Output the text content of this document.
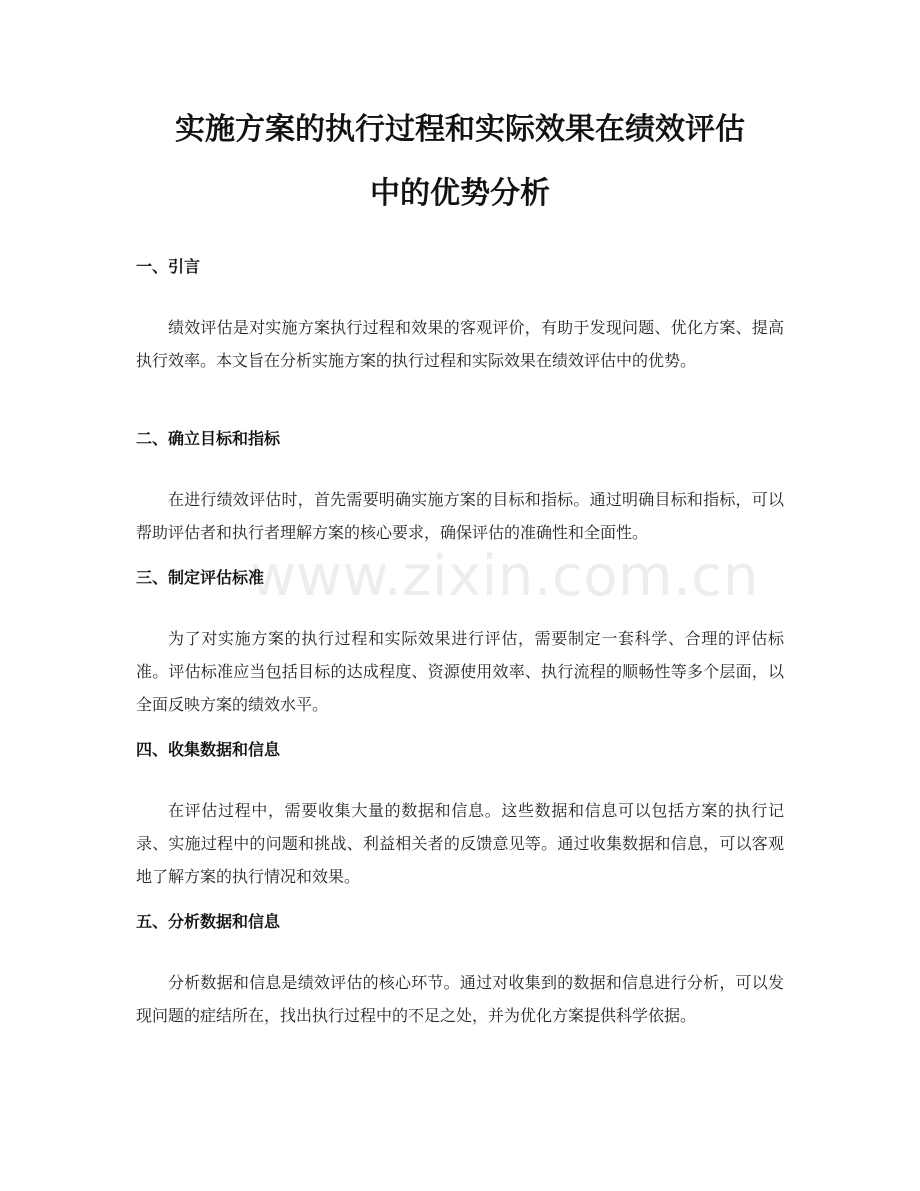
实施方案的执行过程和实际效果在绩效评估
中的优势分析
www.zixin.com.cn
一、引言

绩效评估是对实施方案执行过程和效果的客观评价，有助于发现问题、优化方案、提高执行效率。本文旨在分析实施方案的执行过程和实际效果在绩效评估中的优势。

二、确立目标和指标

在进行绩效评估时，首先需要明确实施方案的目标和指标。通过明确目标和指标，可以帮助评估者和执行者理解方案的核心要求，确保评估的准确性和全面性。

三、制定评估标准

为了对实施方案的执行过程和实际效果进行评估，需要制定一套科学、合理的评估标准。评估标准应当包括目标的达成程度、资源使用效率、执行流程的顺畅性等多个层面，以全面反映方案的绩效水平。

四、收集数据和信息

在评估过程中，需要收集大量的数据和信息。这些数据和信息可以包括方案的执行记录、实施过程中的问题和挑战、利益相关者的反馈意见等。通过收集数据和信息，可以客观地了解方案的执行情况和效果。

五、分析数据和信息

分析数据和信息是绩效评估的核心环节。通过对收集到的数据和信息进行分析，可以发现问题的症结所在，找出执行过程中的不足之处，并为优化方案提供科学依据。
